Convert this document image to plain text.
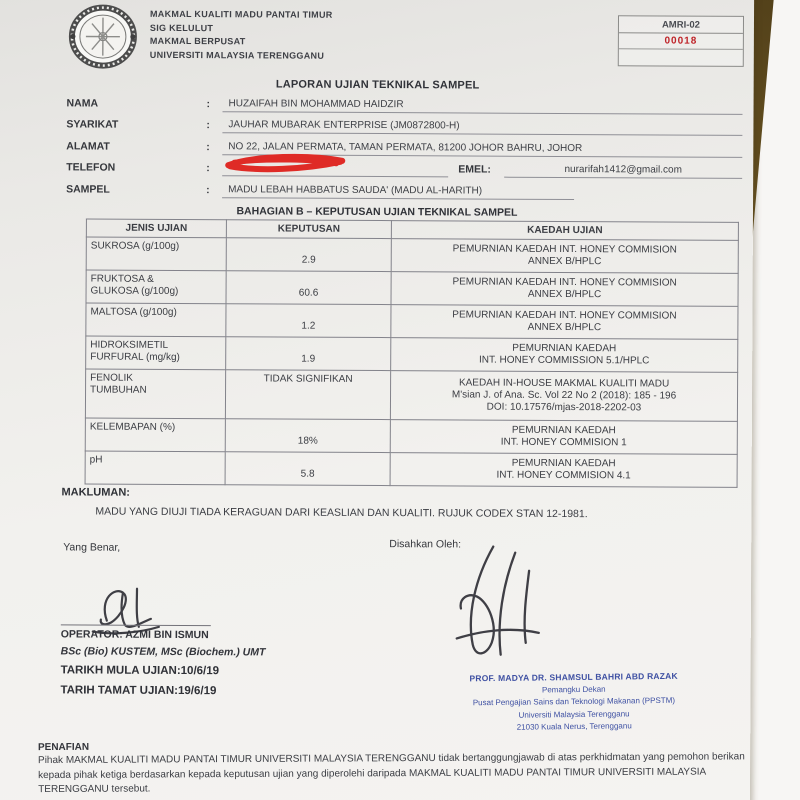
MAKMAL KUALITI MADU PANTAI TIMUR
SIG KELULUT
MAKMAL BERPUSAT
UNIVERSITI MALAYSIA TERENGGANU
AMRI-02
00018
LAPORAN UJIAN TEKNIKAL SAMPEL
NAMA	:	HUZAIFAH BIN MOHAMMAD HAIDZIR
SYARIKAT	:	JAUHAR MUBARAK ENTERPRISE (JM0872800-H)
ALAMAT	:	NO 22, JALAN PERMATA, TAMAN PERMATA, 81200 JOHOR BAHRU, JOHOR
TELEFON	:	EMEL:	nurarifah1412@gmail.com
SAMPEL	:	MADU LEBAH HABBATUS SAUDA' (MADU AL-HARITH)
BAHAGIAN B – KEPUTUSAN UJIAN TEKNIKAL SAMPEL
JENIS UJIAN	KEPUTUSAN	KAEDAH UJIAN
SUKROSA (g/100g)	2.9	PEMURNIAN KAEDAH INT. HONEY COMMISION
ANNEX B/HPLC
FRUKTOSA &
GLUKOSA (g/100g)	60.6	PEMURNIAN KAEDAH INT. HONEY COMMISION
ANNEX B/HPLC
MALTOSA (g/100g)	1.2	PEMURNIAN KAEDAH INT. HONEY COMMISION
ANNEX B/HPLC
HIDROKSIMETIL
FURFURAL (mg/kg)	1.9	PEMURNIAN KAEDAH
INT. HONEY COMMISSION 5.1/HPLC
FENOLIK
TUMBUHAN	TIDAK SIGNIFIKAN	KAEDAH IN-HOUSE MAKMAL KUALITI MADU
M'sian J. of Ana. Sc. Vol 22 No 2 (2018): 185 - 196
DOI: 10.17576/mjas-2018-2202-03
KELEMBAPAN (%)	18%	PEMURNIAN KAEDAH
INT. HONEY COMMISION 1
pH	5.8	PEMURNIAN KAEDAH
INT. HONEY COMMISION 4.1
MAKLUMAN:
MADU YANG DIUJI TIADA KERAGUAN DARI KEASLIAN DAN KUALITI. RUJUK CODEX STAN 12-1981.
Yang Benar,	Disahkan Oleh:
OPERATOR: AZMI BIN ISMUN
BSc (Bio) KUSTEM, MSc (Biochem.) UMT
TARIKH MULA UJIAN:10/6/19
TARIH TAMAT UJIAN:19/6/19
PROF. MADYA DR. SHAMSUL BAHRI ABD RAZAK
Pemangku Dekan
Pusat Pengajian Sains dan Teknologi Makanan (PPSTM)
Universiti Malaysia Terengganu
21030 Kuala Nerus, Terengganu
PENAFIAN
Pihak MAKMAL KUALITI MADU PANTAI TIMUR UNIVERSITI MALAYSIA TERENGGANU tidak bertanggungjawab di atas perkhidmatan yang pemohon berikan kepada pihak ketiga berdasarkan kepada keputusan ujian yang diperolehi daripada MAKMAL KUALITI MADU PANTAI TIMUR UNIVERSITI MALAYSIA TERENGGANU tersebut.
